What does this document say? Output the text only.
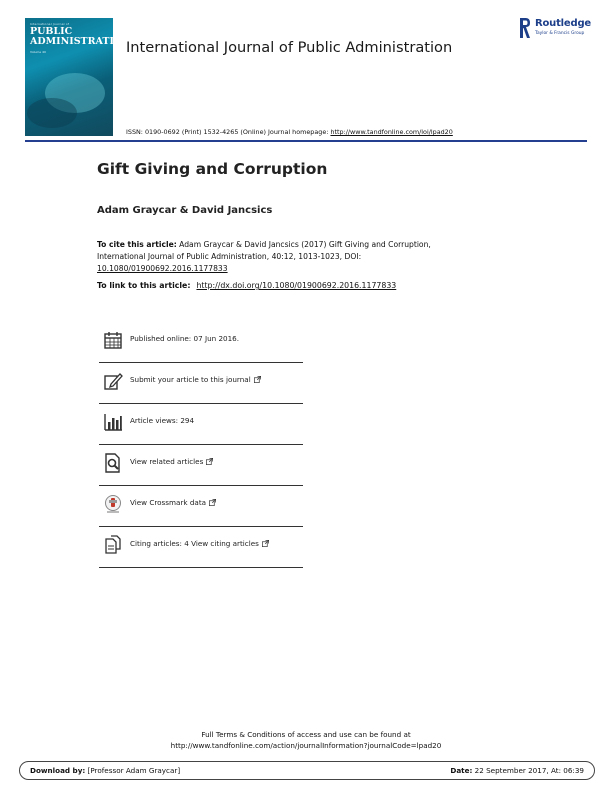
International Journal of
PUBLIC ADMINISTRATION
Volume 40	International Journal of Public Administration
Routledge
Taylor & Francis Group
ISSN: 0190-0692 (Print) 1532-4265 (Online) Journal homepage: http://www.tandfonline.com/loi/lpad20
Gift Giving and Corruption
Adam Graycar & David Jancsics
To cite this article: Adam Graycar & David Jancsics (2017) Gift Giving and Corruption, International Journal of Public Administration, 40:12, 1013-1023, DOI: 10.1080/01900692.2016.1177833
To link to this article: http://dx.doi.org/10.1080/01900692.2016.1177833
Published online: 07 Jun 2016.
Submit your article to this journal
Article views: 294
View related articles
View Crossmark data
Citing articles: 4 View citing articles
Full Terms & Conditions of access and use can be found at
http://www.tandfonline.com/action/journalInformation?journalCode=lpad20
Download by: [Professor Adam Graycar]	Date: 22 September 2017, At: 06:39
